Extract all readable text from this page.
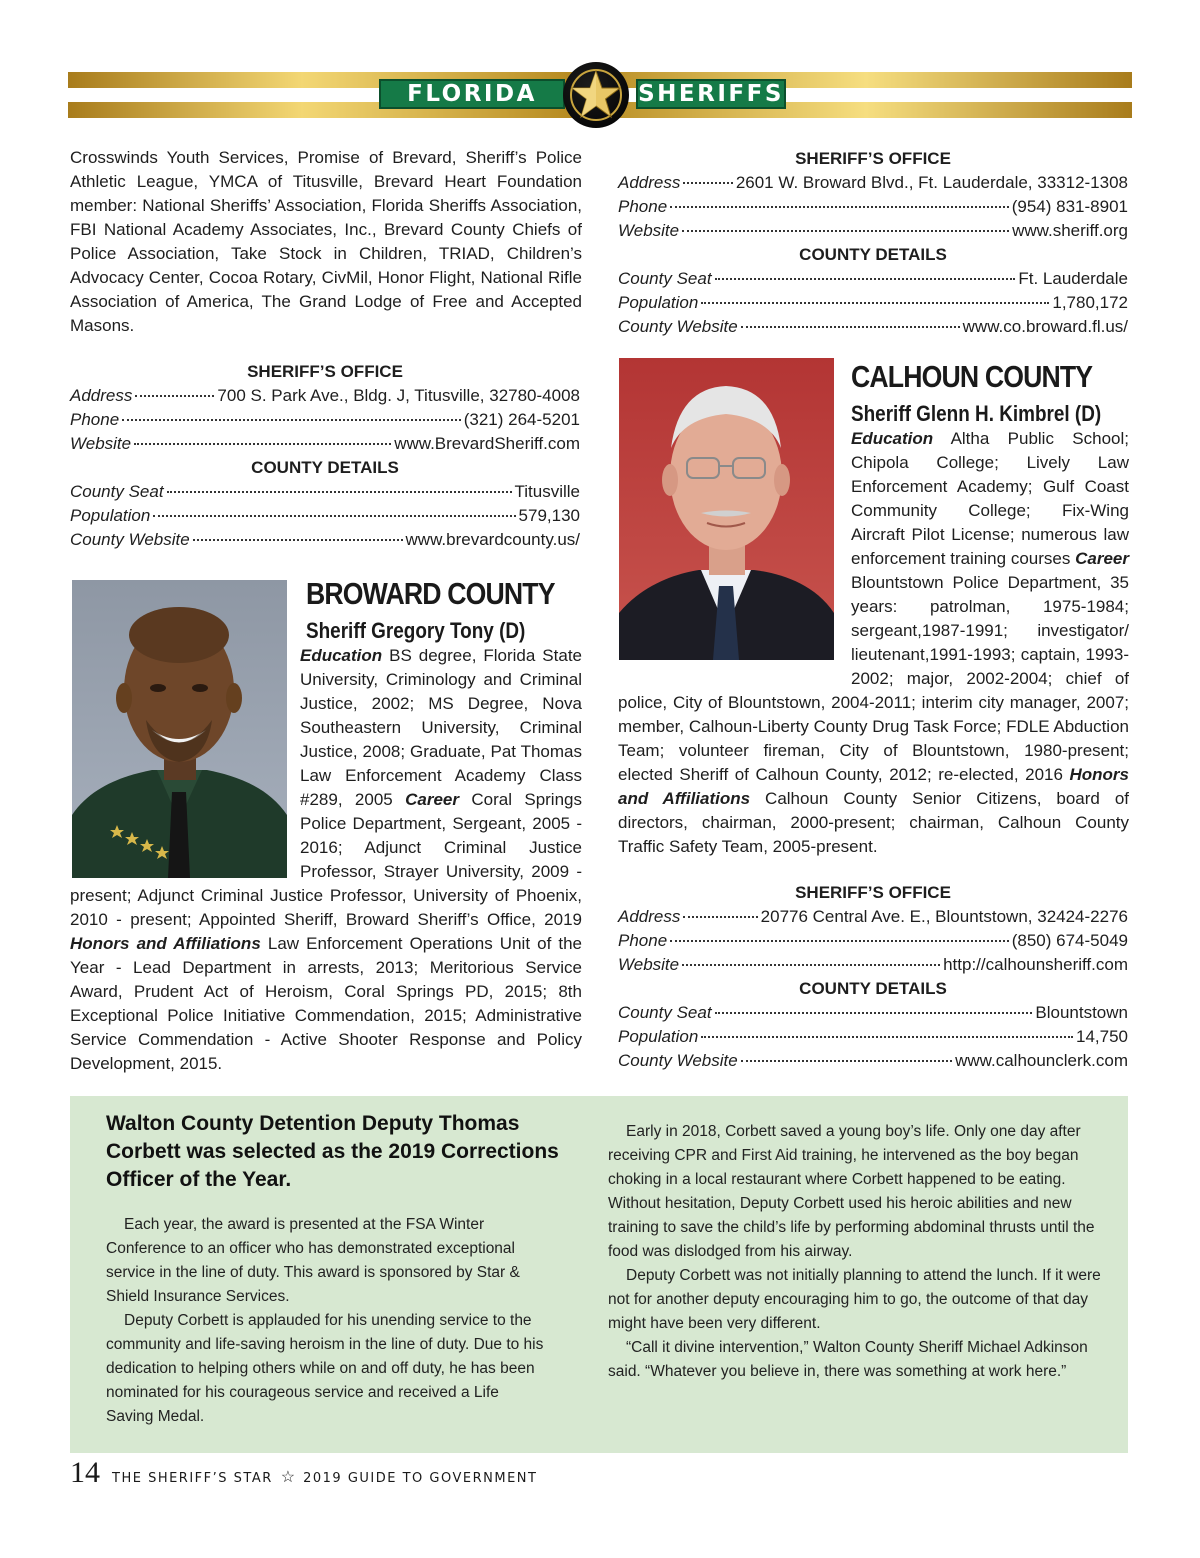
FLORIDA	SHERIFFS
Crosswinds Youth Services, Promise of Brevard, Sheriff’s Police Athletic League, YMCA of Titusville, Brevard Heart Foundation member: National Sheriffs’ Association, Florida Sheriffs Association, FBI National Academy Associates, Inc., Brevard County Chiefs of Police Association, Take Stock in Children, TRIAD, Children’s Advocacy Center, Cocoa Rotary, CivMil, Honor Flight, National Rifle Association of America, The Grand Lodge of Free and Accepted Masons.
SHERIFF’S OFFICE
Address	700 S. Park Ave., Bldg. J, Titusville, 32780-4008
Phone	(321) 264-5201
Website	www.BrevardSheriff.com
COUNTY DETAILS
County Seat	Titusville
Population	579,130
County Website	www.brevardcounty.us/
SHERIFF’S OFFICE
Address	2601 W. Broward Blvd., Ft. Lauderdale, 33312-1308
Phone	(954) 831-8901
Website	www.sheriff.org
COUNTY DETAILS
County Seat	Ft. Lauderdale
Population	1,780,172
County Website	www.co.broward.fl.us/
BROWARD COUNTY
Sheriff Gregory Tony (D)
Education BS degree, Florida State University, Criminology and Criminal Justice, 2002; MS Degree, Nova Southeastern University, Criminal Justice, 2008; Graduate, Pat Thomas Law Enforcement Academy Class #289, 2005 Career Coral Springs Police Department, Sergeant, 2005 - 2016; Adjunct Criminal Justice Professor, Strayer University, 2009 - present; Adjunct Criminal Justice Professor, University of Phoenix, 2010 - present; Appointed Sheriff, Broward Sheriff’s Office, 2019 Honors and Affiliations Law Enforcement Operations Unit of the Year - Lead Department in arrests, 2013; Meritorious Service Award, Prudent Act of Heroism, Coral Springs PD, 2015; 8th Exceptional Police Initiative Commendation, 2015; Administrative Service Commendation - Active Shooter Response and Policy Development, 2015.
CALHOUN COUNTY
Sheriff Glenn H. Kimbrel (D)
Education Altha Public School; Chipola College; Lively Law Enforcement Academy; Gulf Coast Community College; Fix-Wing Aircraft Pilot License; numerous law enforcement training courses Career Blountstown Police Department, 35 years: patrolman, 1975-1984; sergeant,1987-1991; investigator/ lieutenant,1991-1993; captain, 1993-2002; major, 2002-2004; chief of police, City of Blountstown, 2004-2011; interim city manager, 2007; member, Calhoun-Liberty County Drug Task Force; FDLE Abduction Team; volunteer fireman, City of Blountstown, 1980-present; elected Sheriff of Calhoun County, 2012; re-elected, 2016 Honors and Affiliations Calhoun County Senior Citizens, board of directors, chairman, 2000-present; chairman, Calhoun County Traffic Safety Team, 2005-present.
SHERIFF’S OFFICE
Address	20776 Central Ave. E., Blountstown, 32424-2276
Phone	(850) 674-5049
Website	http://calhounsheriff.com
COUNTY DETAILS
County Seat	Blountstown
Population	14,750
County Website	www.calhounclerk.com
Walton County Detention Deputy Thomas Corbett was selected as the 2019 Corrections Officer of the Year.

Each year, the award is presented at the FSA Winter Conference to an officer who has demonstrated exceptional service in the line of duty. This award is sponsored by Star & Shield Insurance Services.

Deputy Corbett is applauded for his unending service to the community and life-saving heroism in the line of duty. Due to his dedication to helping others while on and off duty, he has been nominated for his courageous service and received a Life Saving Medal.

Early in 2018, Corbett saved a young boy’s life. Only one day after receiving CPR and First Aid training, he intervened as the boy began choking in a local restaurant where Corbett happened to be eating. Without hesitation, Deputy Corbett used his heroic abilities and new training to save the child’s life by performing abdominal thrusts until the food was dislodged from his airway.

Deputy Corbett was not initially planning to attend the lunch. If it were not for another deputy encouraging him to go, the outcome of that day might have been very different.

“Call it divine intervention,” Walton County Sheriff Michael Adkinson said. “Whatever you believe in, there was something at work here.”

14 THE SHERIFF’S STAR ☆ 2019 GUIDE TO GOVERNMENT
